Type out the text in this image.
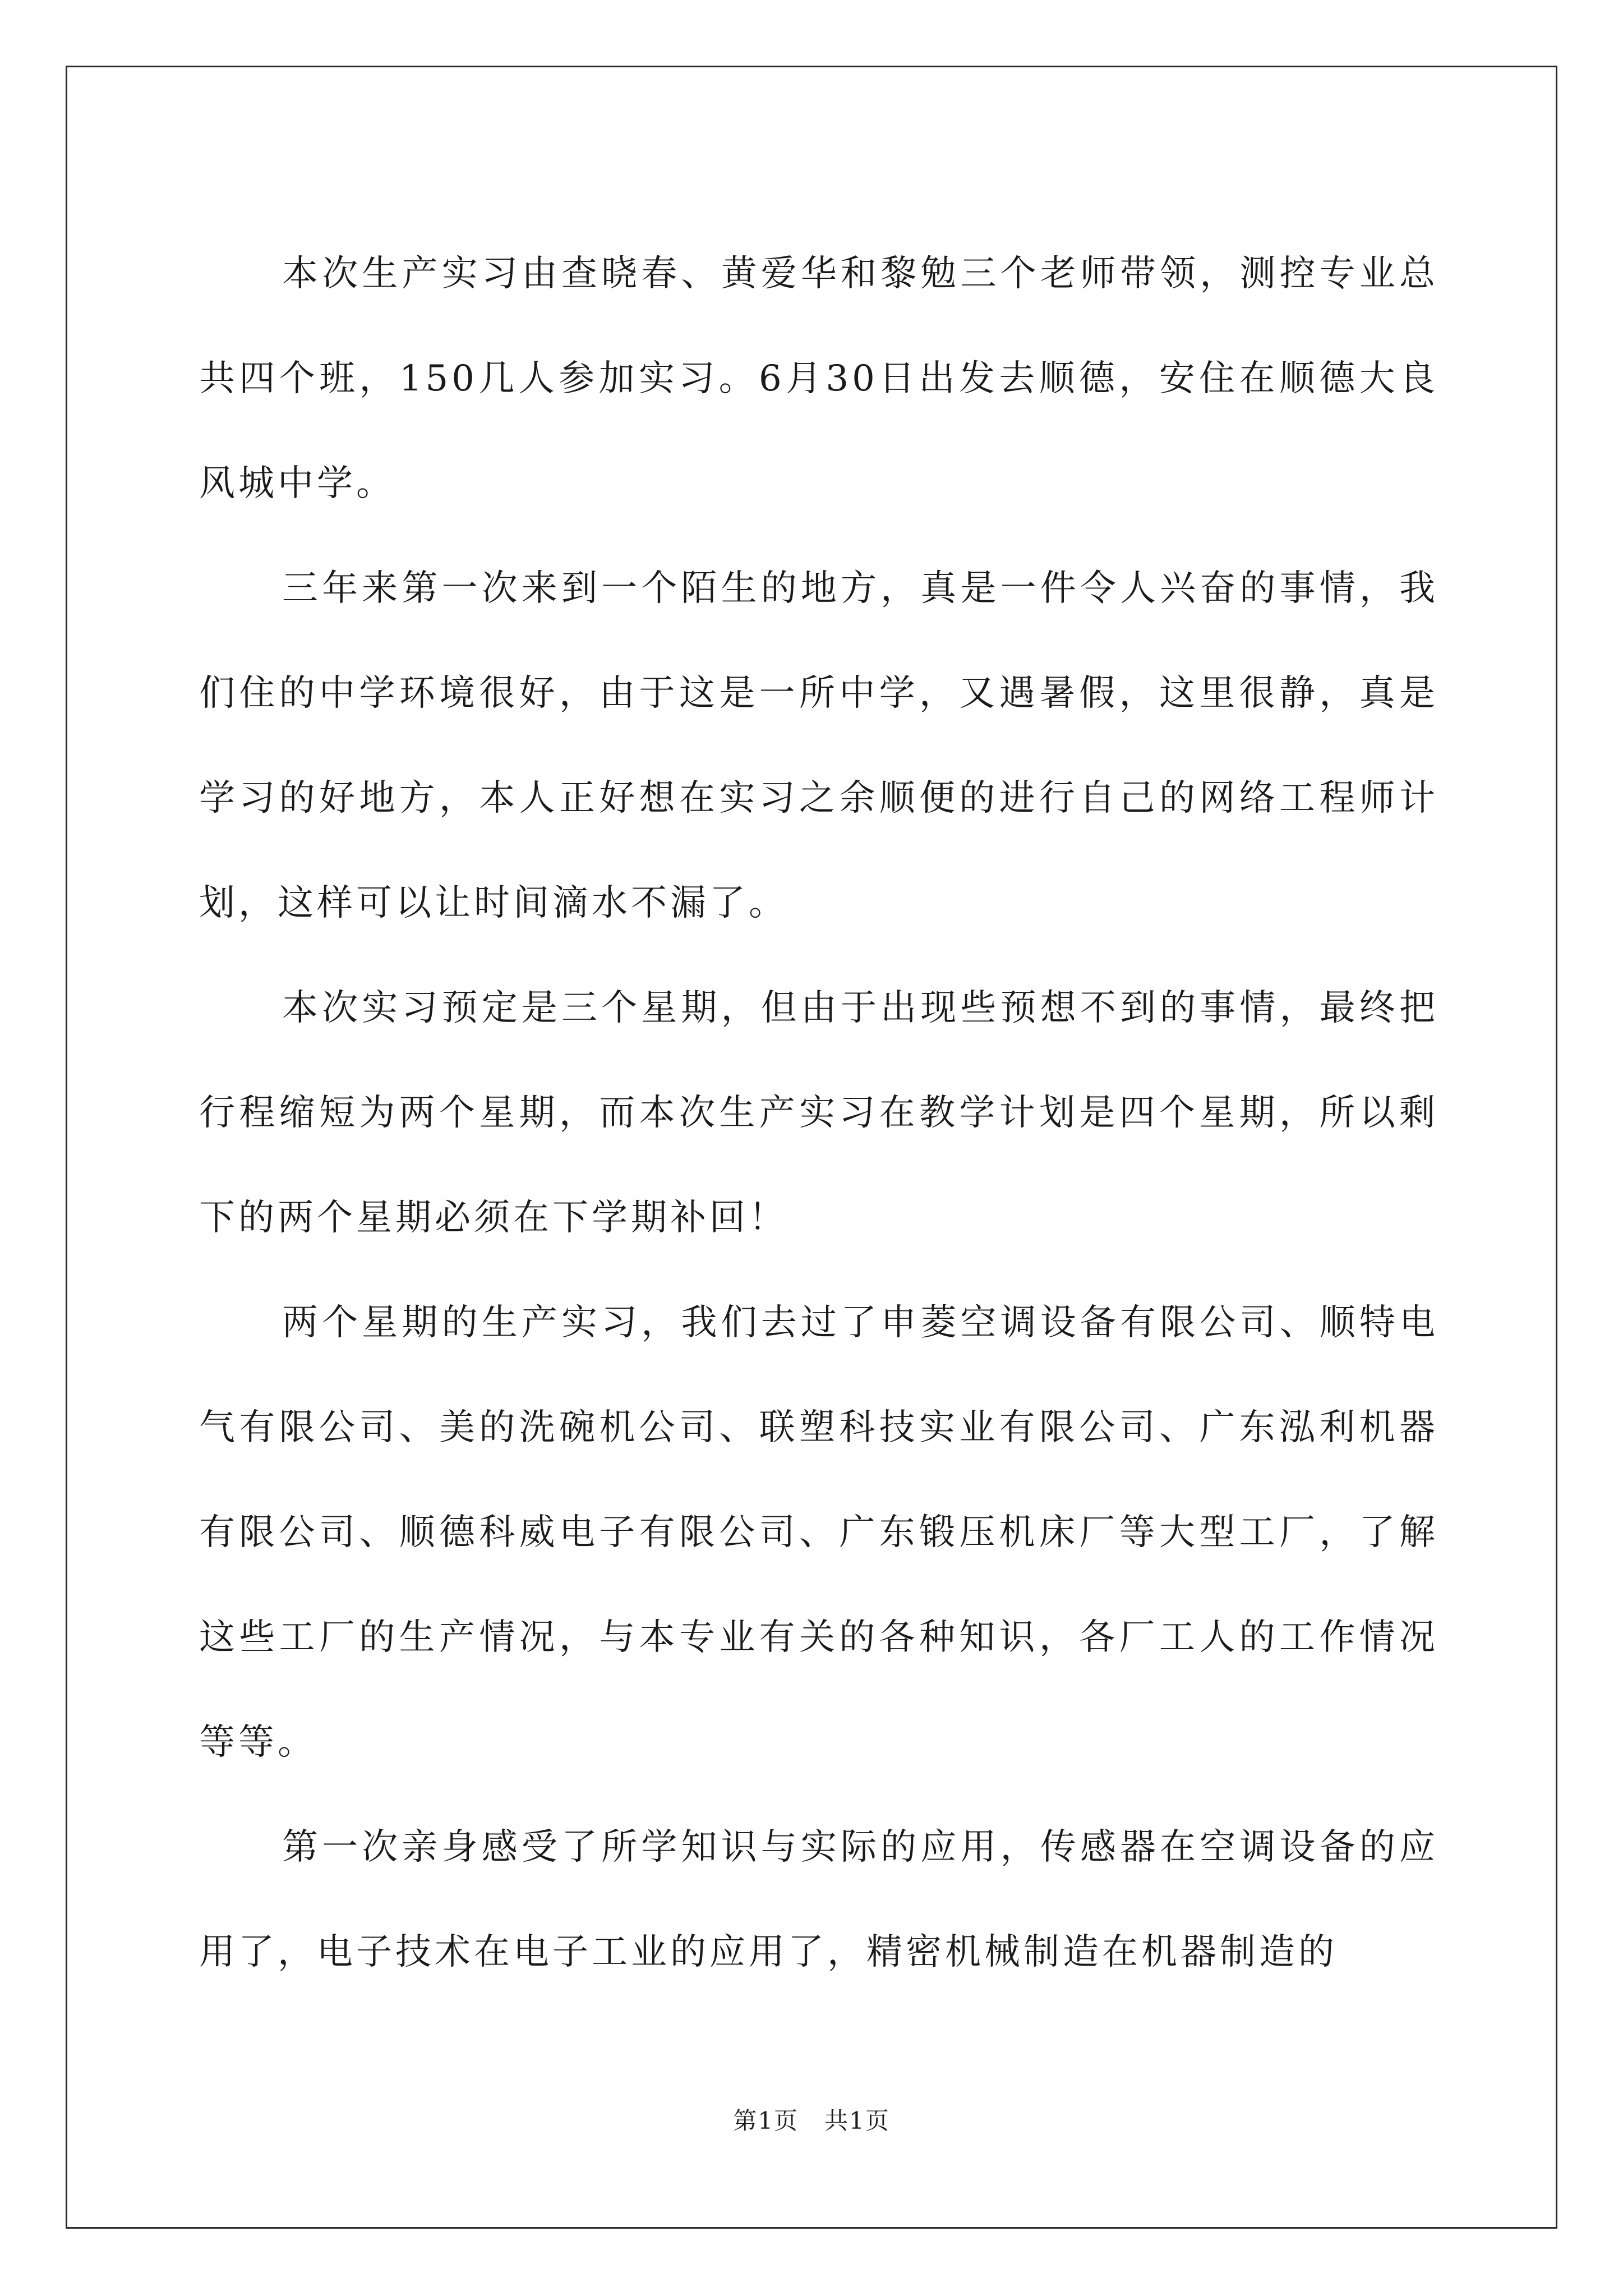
本次生产实习由查晓春、黄爱华和黎勉三个老师带领，测控专业总共四个班，150几人参加实习。6月30日出发去顺德，安住在顺德大良风城中学。

三年来第一次来到一个陌生的地方，真是一件令人兴奋的事情，我们住的中学环境很好，由于这是一所中学，又遇暑假，这里很静，真是学习的好地方，本人正好想在实习之余顺便的进行自己的网络工程师计划，这样可以让时间滴水不漏了。

本次实习预定是三个星期，但由于出现些预想不到的事情，最终把行程缩短为两个星期，而本次生产实习在教学计划是四个星期，所以剩下的两个星期必须在下学期补回！

两个星期的生产实习，我们去过了申菱空调设备有限公司、顺特电气有限公司、美的洗碗机公司、联塑科技实业有限公司、广东泓利机器有限公司、顺德科威电子有限公司、广东锻压机床厂等大型工厂，了解这些工厂的生产情况，与本专业有关的各种知识，各厂工人的工作情况等等。

第一次亲身感受了所学知识与实际的应用，传感器在空调设备的应用了，电子技术在电子工业的应用了，精密机械制造在机器制造的

第1页   共1页
